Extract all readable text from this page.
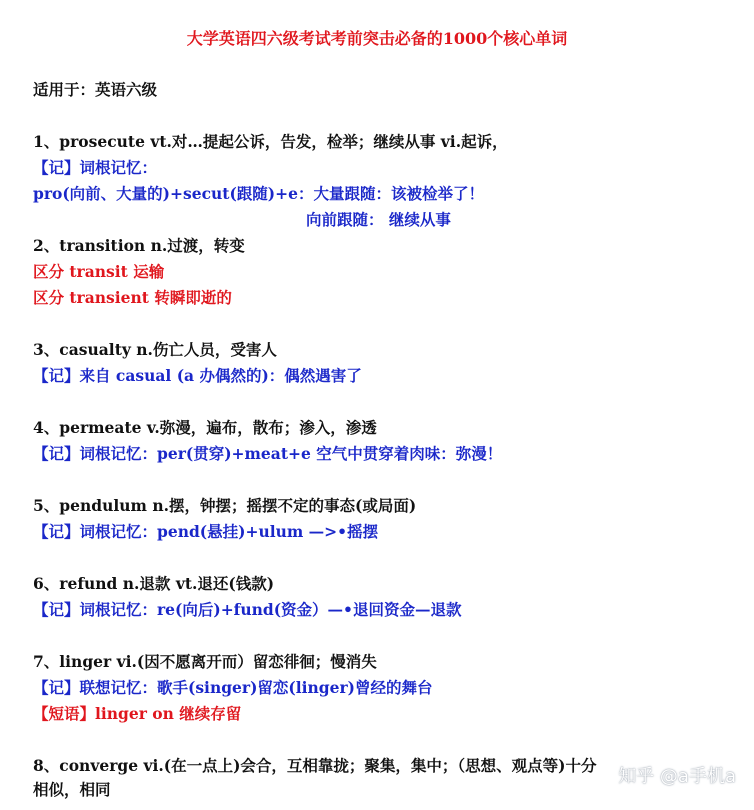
大学英语四六级考试考前突击必备的1000个核心单词
适用于：英语六级
1、prosecute vt.对…提起公诉，告发，检举；继续从事 vi.起诉，
【记】词根记忆：
pro(向前、大量的)+secut(跟随)+e：大量跟随：该被检举了！
向前跟随： 继续从事
2、transition n.过渡，转变
区分 transit 运输
区分 transient 转瞬即逝的
3、casualty n.伤亡人员，受害人
【记】来自 casual (a 办偶然的)：偶然遇害了
4、permeate v.弥漫，遍布，散布；渗入，渗透
【记】词根记忆：per(贯穿)+meat+e 空气中贯穿着肉味：弥漫！
5、pendulum n.摆，钟摆；摇摆不定的事态(或局面)
【记】词根记忆：pend(悬挂)+ulum —>•摇摆
6、refund n.退款 vt.退还(钱款)
【记】词根记忆：re(向后)+fund(资金）—•退回资金—退款
7、linger vi.(因不愿离开而）留恋徘徊；慢消失
【记】联想记忆：歌手(singer)留恋(linger)曾经的舞台
【短语】linger on 继续存留
8、converge vi.(在一点上)会合，互相靠拢；聚集，集中；（思想、观点等)十分
相似，相同
知乎 @a手机a
